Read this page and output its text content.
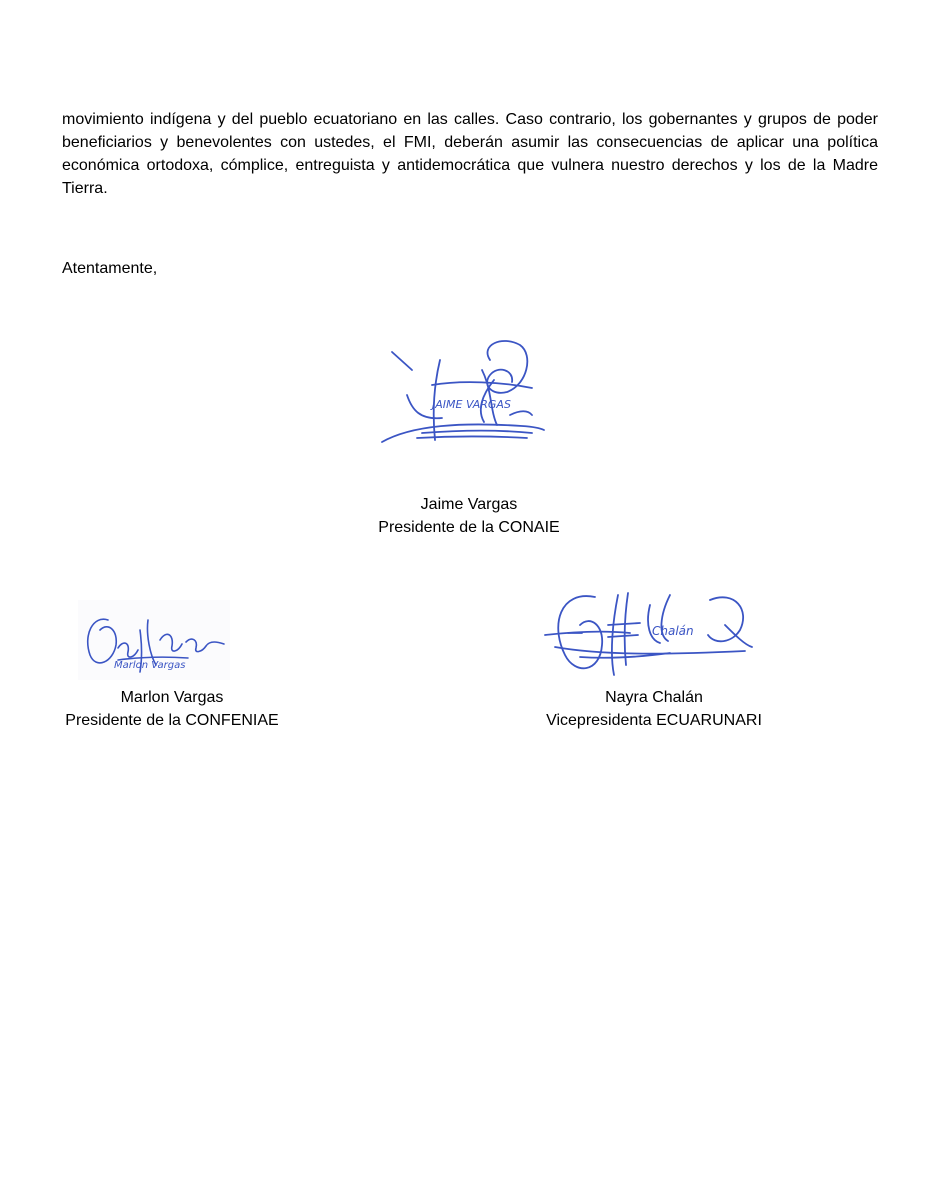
movimiento indígena y del pueblo ecuatoriano en las calles. Caso contrario, los gobernantes y grupos de poder beneficiarios y benevolentes con ustedes, el FMI, deberán asumir las consecuencias de aplicar una política económica ortodoxa, cómplice, entreguista y antidemocrática que vulnera nuestro derechos y los de la Madre Tierra.

Atentamente,

JAIME VARGAS
Jaime Vargas
Presidente de la CONAIE
Marlon Vargas
Marlon Vargas
Presidente de la CONFENIAE
Chalán
Nayra Chalán
Vicepresidenta ECUARUNARI
